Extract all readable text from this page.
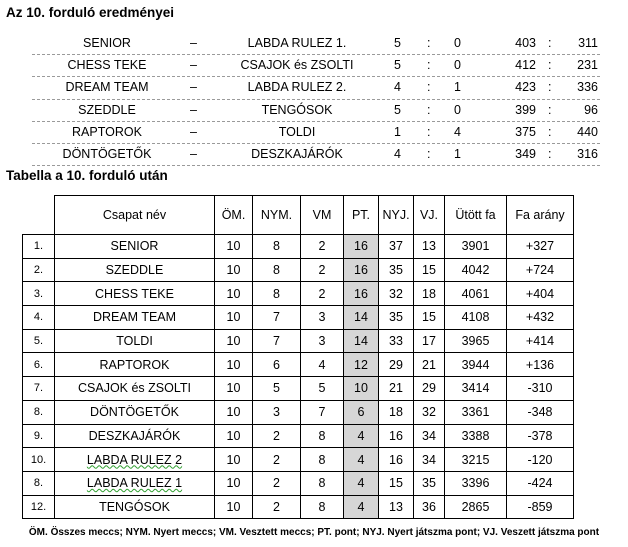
Az 10. forduló eredményei
SENIOR	–	LABDA RULEZ 1.	5 : 0	403 :	311
CHESS TEKE	–	CSAJOK és ZSOLTI	5 : 0	412 :	231
DREAM TEAM	–	LABDA RULEZ 2.	4 : 1	423 :	336
SZEDDLE	–	TENGÓSOK	5 : 0	399 :	96
RAPTOROK	–	TOLDI	1 : 4	375 :	440
DÖNTÖGETŐK	–	DESZKAJÁRÓK	4 : 1	349 :	316
Tabella a 10. forduló után
	Csapat név	ÖM.	NYM.	VM	PT.	NYJ.	VJ.	Ütött fa	Fa arány
1.	SENIOR	10	8	2	16	37	13	3901	+327
2.	SZEDDLE	10	8	2	16	35	15	4042	+724
3.	CHESS TEKE	10	8	2	16	32	18	4061	+404
4.	DREAM TEAM	10	7	3	14	35	15	4108	+432
5.	TOLDI	10	7	3	14	33	17	3965	+414
6.	RAPTOROK	10	6	4	12	29	21	3944	+136
7.	CSAJOK és ZSOLTI	10	5	5	10	21	29	3414	-310
8.	DÖNTÖGETŐK	10	3	7	6	18	32	3361	-348
9.	DESZKAJÁRÓK	10	2	8	4	16	34	3388	-378
10.	LABDA RULEZ 2	10	2	8	4	16	34	3215	-120
8.	LABDA RULEZ 1	10	2	8	4	15	35	3396	-424
12.	TENGÓSOK	10	2	8	4	13	36	2865	-859
ÖM. Összes meccs; NYM. Nyert meccs; VM. Vesztett meccs; PT. pont; NYJ. Nyert játszma pont; VJ. Veszett játszma pont
